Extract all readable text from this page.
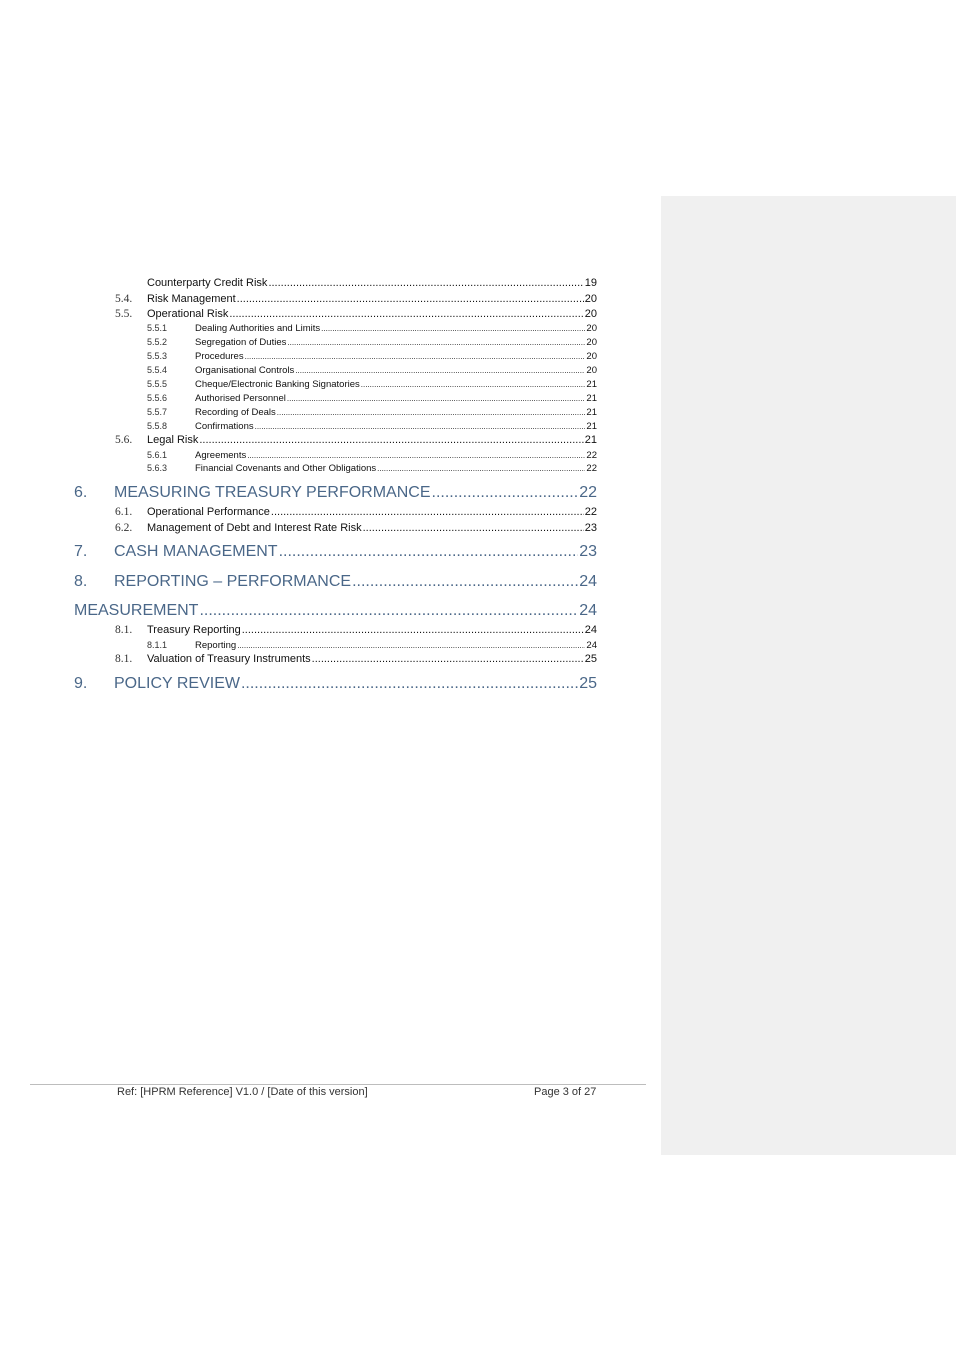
Counterparty Credit Risk .....	19
5.4.	Risk Management .....	20
5.5.	Operational Risk .....	20
5.5.1	Dealing Authorities and Limits .....	20
5.5.2	Segregation of Duties .....	20
5.5.3	Procedures .....	20
5.5.4	Organisational Controls .....	20
5.5.5	Cheque/Electronic Banking Signatories .....	21
5.5.6	Authorised Personnel .....	21
5.5.7	Recording of Deals .....	21
5.5.8	Confirmations .....	21
5.6.	Legal Risk .....	21
5.6.1	Agreements .....	22
5.6.3	Financial Covenants and Other Obligations .....	22
6.	MEASURING TREASURY PERFORMANCE .....	22
6.1.	Operational Performance .....	22
6.2.	Management of Debt and Interest Rate Risk .....	23
7.	CASH MANAGEMENT .....	23
8.	REPORTING – PERFORMANCE .....	24
MEASUREMENT .....	24
8.1.	Treasury Reporting .....	24
8.1.1	Reporting .....	24
8.1.	Valuation of Treasury Instruments .....	25
9.	POLICY REVIEW .....	25
Ref: [HPRM Reference] V1.0 / [Date of this version]	Page 3 of 27
